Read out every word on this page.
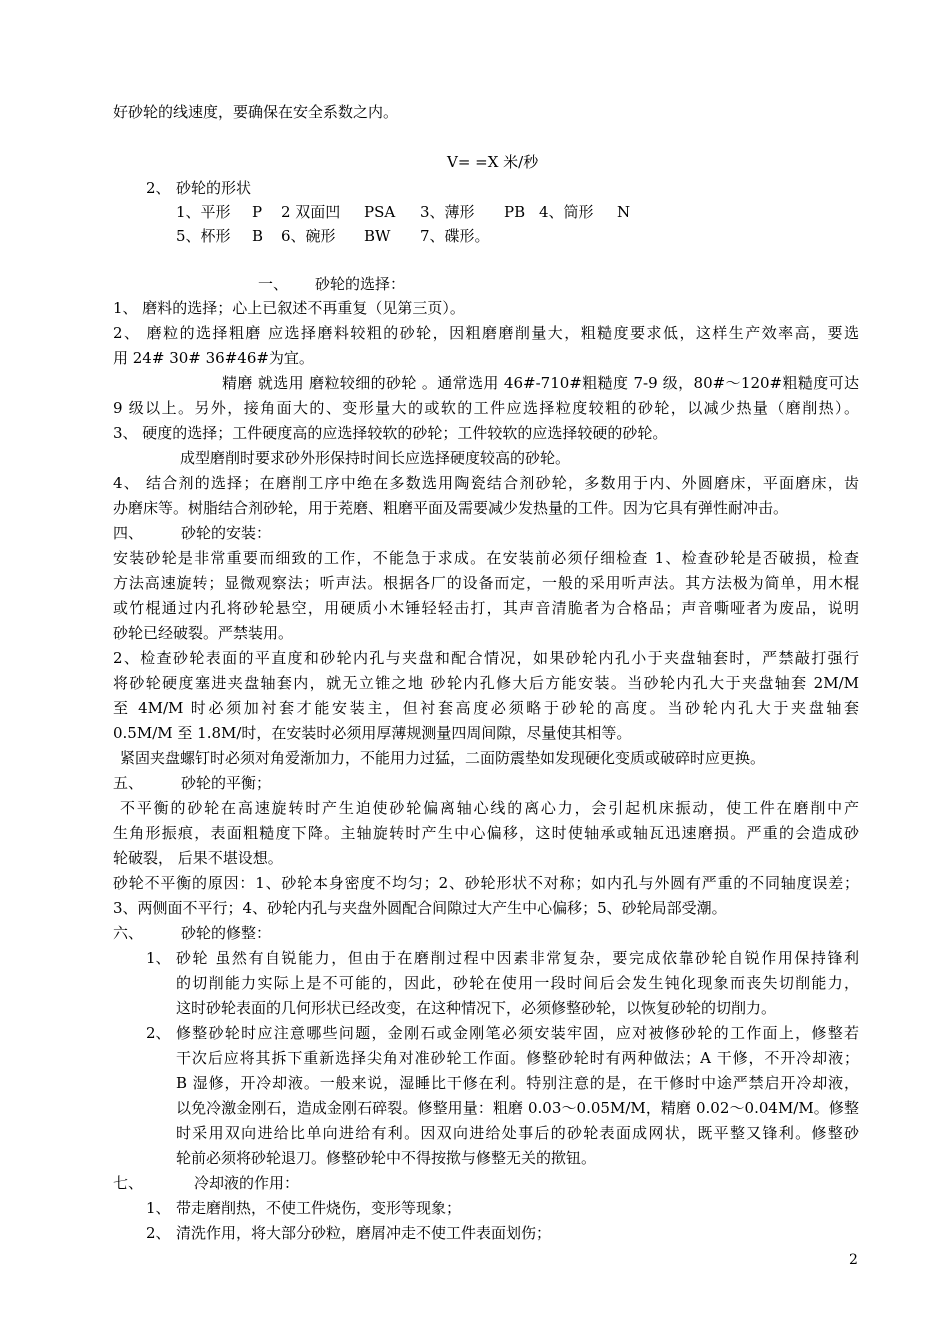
好砂轮的线速度，要确保在安全系数之内。
V= =X 米/秒
2、 砂轮的形状
1、平形 P 2 双面凹 PSA 3、薄形 PB 4、筒形 N
5、杯形 B 6、碗形 BW 7、碟形。
一、 砂轮的选择：
1、 磨料的选择；心上已叙述不再重复（见第三页）。
2、 磨粒的选择粗磨 应选择磨料较粗的砂轮，因粗磨磨削量大，粗糙度要求低，这样生产效率高，要选
用 24# 30# 36#46#为宜。
精磨 就选用 磨粒较细的砂轮 。通常选用 46#-710#粗糙度 7-9 级，80#～120#粗糙度可达
9 级以上。另外，接角面大的、变形量大的或软的工件应选择粒度较粗的砂轮，以减少热量（磨削热）。
3、 硬度的选择；工件硬度高的应选择较软的砂轮；工件较软的应选择较硬的砂轮。
成型磨削时要求砂外形保持时间长应选择硬度较高的砂轮。
4、 结合剂的选择；在磨削工序中绝在多数选用陶瓷结合剂砂轮，多数用于内、外圆磨床，平面磨床，齿
办磨床等。树脂结合剂砂轮，用于茺磨、粗磨平面及需要减少发热量的工件。因为它具有弹性耐冲击。
四、	砂轮的安装：
安装砂轮是非常重要而细致的工作，不能急于求成。在安装前必须仔细检查 1、检查砂轮是否破损，检查
方法高速旋转；显微观察法；听声法。根据各厂的设备而定，一般的采用听声法。其方法极为简单，用木棍
或竹棍通过内孔将砂轮悬空，用硬质小木锤轻轻击打，其声音清脆者为合格品；声音嘶哑者为废品，说明
砂轮已经破裂。严禁装用。
2、检查砂轮表面的平直度和砂轮内孔与夹盘和配合情况，如果砂轮内孔小于夹盘轴套时，严禁敲打强行
将砂轮硬度塞进夹盘轴套内，就无立锥之地 砂轮内孔修大后方能安装。当砂轮内孔大于夹盘轴套 2M/M
至 4M/M 时必须加衬套才能安装主，但衬套高度必须略于砂轮的高度。当砂轮内孔大于夹盘轴套
0.5M/M 至 1.8M/时，在安装时必须用厚薄规测量四周间隙，尽量使其相等。
紧固夹盘螺钉时必须对角爱渐加力，不能用力过猛，二面防震垫如发现硬化变质或破碎时应更换。
五、	砂轮的平衡；
不平衡的砂轮在高速旋转时产生迫使砂轮偏离轴心线的离心力，会引起机床振动，使工件在磨削中产
生角形振痕，表面粗糙度下降。主轴旋转时产生中心偏移，这时使轴承或轴瓦迅速磨损。严重的会造成砂
轮破裂， 后果不堪设想。
砂轮不平衡的原因：1、砂轮本身密度不均匀；2、砂轮形状不对称；如内孔与外圆有严重的不同轴度误差；
3、两侧面不平行；4、砂轮内孔与夹盘外圆配合间隙过大产生中心偏移；5、砂轮局部受潮。
六、	砂轮的修整：
1、 砂轮 虽然有自锐能力，但由于在磨削过程中因素非常复杂，要完成依靠砂轮自锐作用保持锋利
的切削能力实际上是不可能的，因此，砂轮在使用一段时间后会发生钝化现象而丧失切削能力，
这时砂轮表面的几何形状已经改变，在这种情况下，必须修整砂轮，以恢复砂轮的切削力。
2、 修整砂轮时应注意哪些问题，金刚石或金刚笔必须安装牢固，应对被修砂轮的工作面上，修整若
干次后应将其拆下重新选择尖角对准砂轮工作面。修整砂轮时有两种做法；A 干修，不开冷却液；
B 湿修，开冷却液。一般来说，湿睡比干修在利。特别注意的是，在干修时中途严禁启开冷却液，
以免冷激金刚石，造成金刚石碎裂。修整用量：粗磨 0.03～0.05M/M，精磨 0.02～0.04M/M。修整
时采用双向进给比单向进给有利。因双向进给处事后的砂轮表面成网状，既平整又锋利。修整砂
轮前必须将砂轮退刀。修整砂轮中不得按揿与修整无关的揿钮。
七、	冷却液的作用：
1、 带走磨削热，不使工件烧伤，变形等现象；
2、 清洗作用，将大部分砂粒，磨屑冲走不使工件表面划伤；
2
